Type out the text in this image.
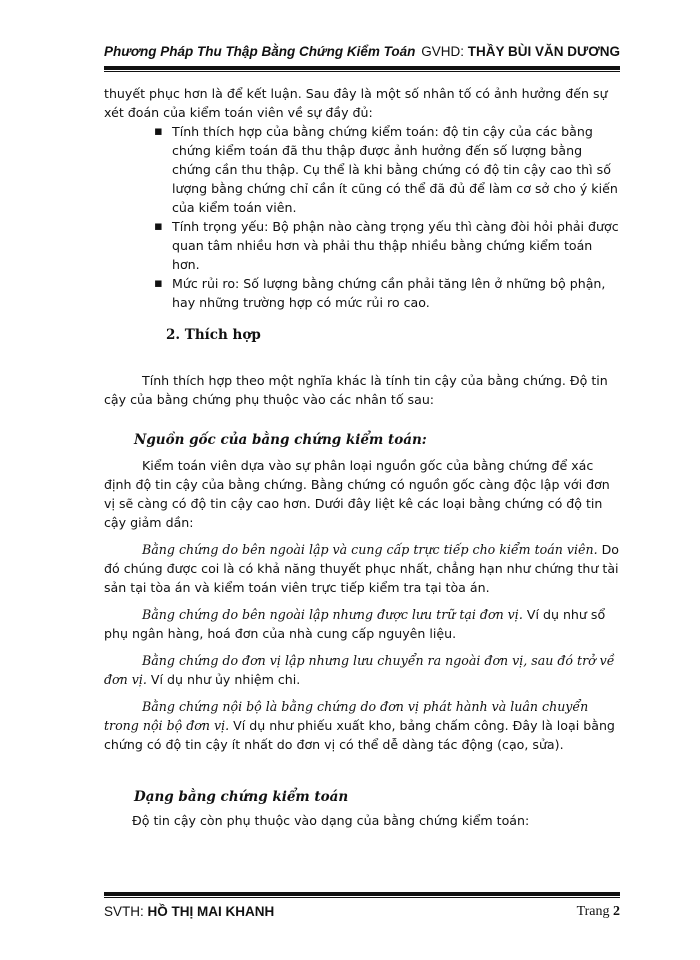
Phương Pháp Thu Thập Bằng Chứng Kiểm Toán GVHD: THẦY BÙI VĂN DƯƠNG

thuyết phục hơn là để kết luận. Sau đây là một số nhân tố có ảnh hưởng đến sự xét đoán của kiểm toán viên về sự đầy đủ:

▪ Tính thích hợp của bằng chứng kiểm toán: độ tin cậy của các bằng chứng kiểm toán đã thu thập được ảnh hưởng đến số lượng bằng chứng cần thu thập. Cụ thể là khi bằng chứng có độ tin cậy cao thì số lượng bằng chứng chỉ cần ít cũng có thể đã đủ để làm cơ sở cho ý kiến của kiểm toán viên.
▪ Tính trọng yếu: Bộ phận nào càng trọng yếu thì càng đòi hỏi phải được quan tâm nhiều hơn và phải thu thập nhiều bằng chứng kiểm toán hơn.
▪ Mức rủi ro: Số lượng bằng chứng cần phải tăng lên ở những bộ phận, hay những trường hợp có mức rủi ro cao.

2. Thích hợp

Tính thích hợp theo một nghĩa khác là tính tin cậy của bằng chứng. Độ tin cậy của bằng chứng phụ thuộc vào các nhân tố sau:

Nguồn gốc của bằng chứng kiểm toán:

Kiểm toán viên dựa vào sự phân loại nguồn gốc của bằng chứng để xác định độ tin cậy của bằng chứng. Bằng chứng có nguồn gốc càng độc lập với đơn vị sẽ càng có độ tin cậy cao hơn. Dưới đây liệt kê các loại bằng chứng có độ tin cậy giảm dần:

Bằng chứng do bên ngoài lập và cung cấp trực tiếp cho kiểm toán viên. Do đó chúng được coi là có khả năng thuyết phục nhất, chẳng hạn như chứng thư tài sản tại tòa án và kiểm toán viên trực tiếp kiểm tra tại tòa án.

Bằng chứng do bên ngoài lập nhưng được lưu trữ tại đơn vị. Ví dụ như sổ phụ ngân hàng, hoá đơn của nhà cung cấp nguyên liệu.

Bằng chứng do đơn vị lập nhưng lưu chuyển ra ngoài đơn vị, sau đó trở về đơn vị. Ví dụ như ủy nhiệm chi.

Bằng chứng nội bộ là bằng chứng do đơn vị phát hành và luân chuyển trong nội bộ đơn vị. Ví dụ như phiếu xuất kho, bảng chấm công. Đây là loại bằng chứng có độ tin cậy ít nhất do đơn vị có thể dễ dàng tác động (cạo, sửa).

Dạng bằng chứng kiểm toán

Độ tin cậy còn phụ thuộc vào dạng của bằng chứng kiểm toán:

SVTH: HỒ THỊ MAI KHANH	Trang 2
